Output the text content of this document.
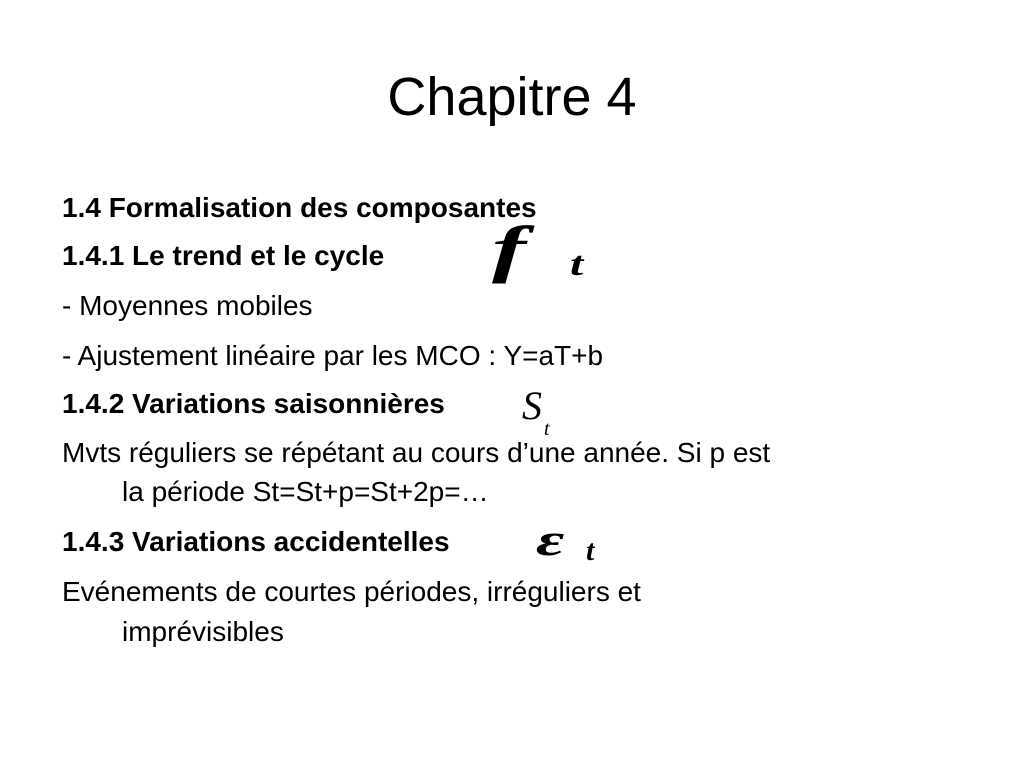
Chapitre 4
1.4 Formalisation des composantes
1.4.1 Le trend et le cycle f t
- Moyennes mobiles
- Ajustement linéaire par les MCO : Y=aT+b
1.4.2 Variations saisonnières S
t
Mvts réguliers se répétant au cours d’une année. Si p est
la période St=St+p=St+2p=…
1.4.3 Variations accidentelles ε t
Evénements de courtes périodes, irréguliers et
imprévisibles
